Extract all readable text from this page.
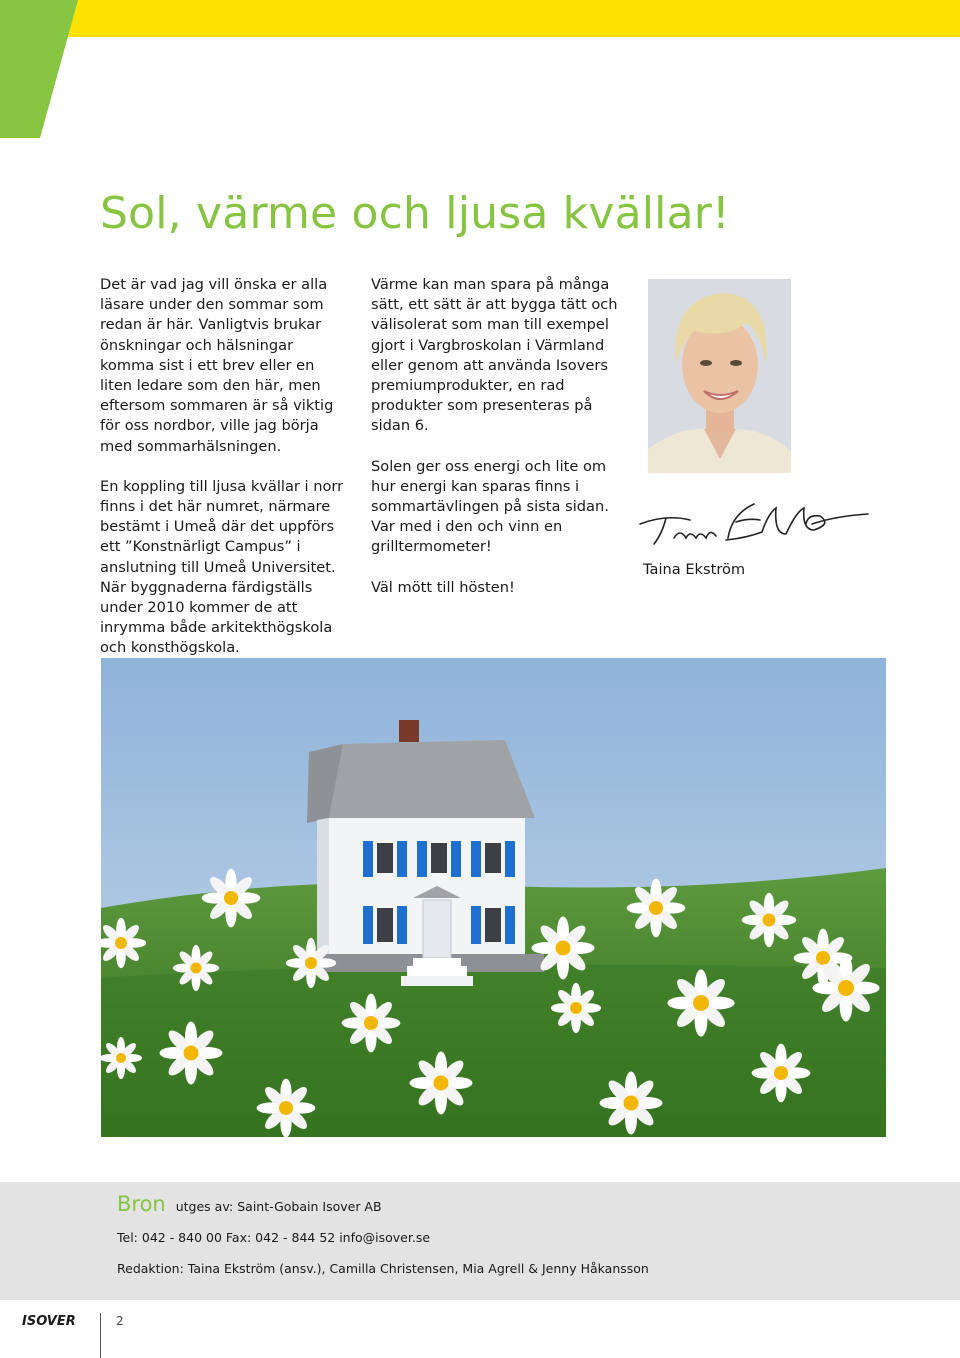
Sol, värme och ljusa kvällar!

Det är vad jag vill önska er alla läsare under den sommar som redan är här. Vanligtvis brukar önskningar och hälsningar komma sist i ett brev eller en liten ledare som den här, men eftersom sommaren är så viktig för oss nordbor, ville jag börja med sommarhälsningen.

En koppling till ljusa kvällar i norr finns i det här numret, närmare bestämt i Umeå där det uppförs ett ”Konstnärligt Campus” i anslutning till Umeå Universitet. När byggnaderna färdigställs under 2010 kommer de att inrymma både arkitekthögskola och konsthögskola.

Värme kan man spara på många sätt, ett sätt är att bygga tätt och välisolerat som man till exempel gjort i Vargbroskolan i Värmland eller genom att använda Isovers premiumprodukter, en rad produkter som presenteras på sidan 6.

Solen ger oss energi och lite om hur energi kan sparas finns i sommartävlingen på sista sidan. Var med i den och vinn en grilltermometer!

Väl mött till hösten!

Taina Ekström
Bron utges av: Saint-Gobain Isover AB
Tel: 042 - 840 00 Fax: 042 - 844 52 info@isover.se
Redaktion: Taina Ekström (ansv.), Camilla Christensen, Mia Agrell & Jenny Håkansson
ISOVER	2
